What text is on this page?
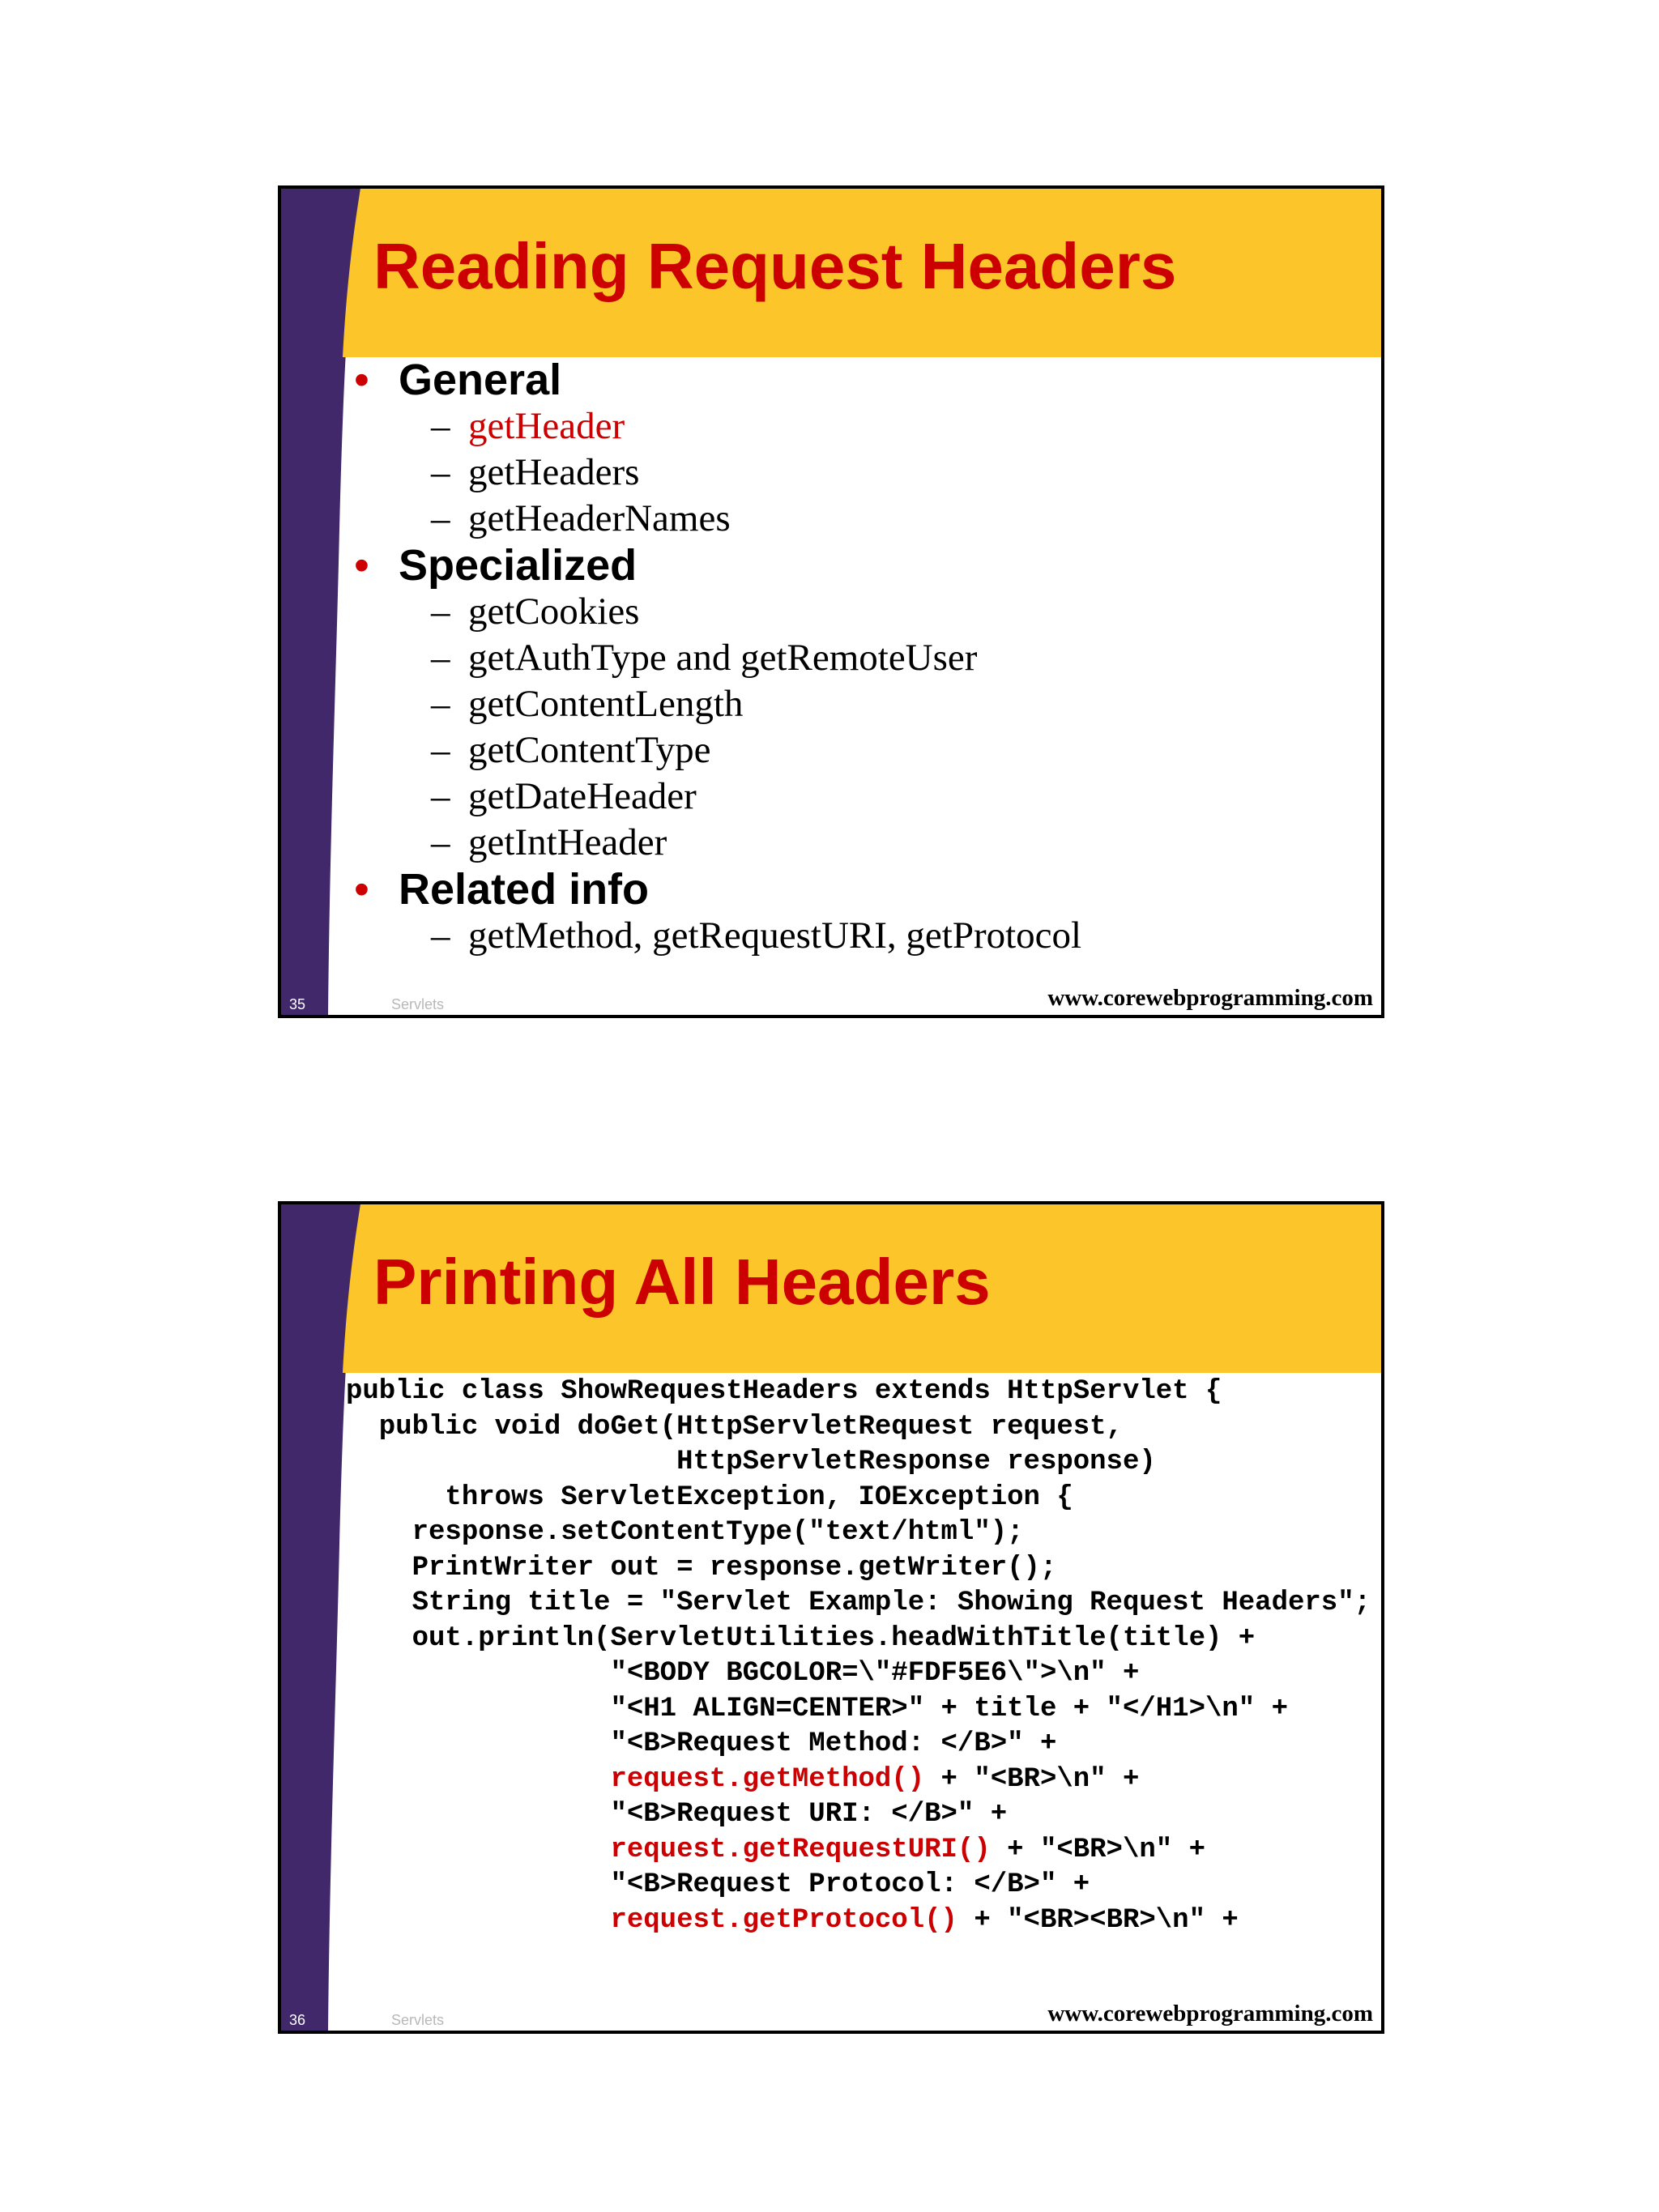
Reading Request Headers
• General
– getHeader
– getHeaders
– getHeaderNames
• Specialized
– getCookies
– getAuthType and getRemoteUser
– getContentLength
– getContentType
– getDateHeader
– getIntHeader
• Related info
– getMethod, getRequestURI, getProtocol
35	Servlets	www.corewebprogramming.com
Printing All Headers
public class ShowRequestHeaders extends HttpServlet {
public void doGet(HttpServletRequest request,
HttpServletResponse response)
throws ServletException, IOException {
response.setContentType("text/html");
PrintWriter out = response.getWriter();
String title = "Servlet Example: Showing Request Headers";
out.println(ServletUtilities.headWithTitle(title) +
"<BODY BGCOLOR=\"#FDF5E6\">\n" +
"<H1 ALIGN=CENTER>" + title + "</H1>\n" +
"<B>Request Method: </B>" +
request.getMethod() + "<BR>\n" +
"<B>Request URI: </B>" +
request.getRequestURI() + "<BR>\n" +
"<B>Request Protocol: </B>" +
request.getProtocol() + "<BR><BR>\n" +
36	Servlets	www.corewebprogramming.com
